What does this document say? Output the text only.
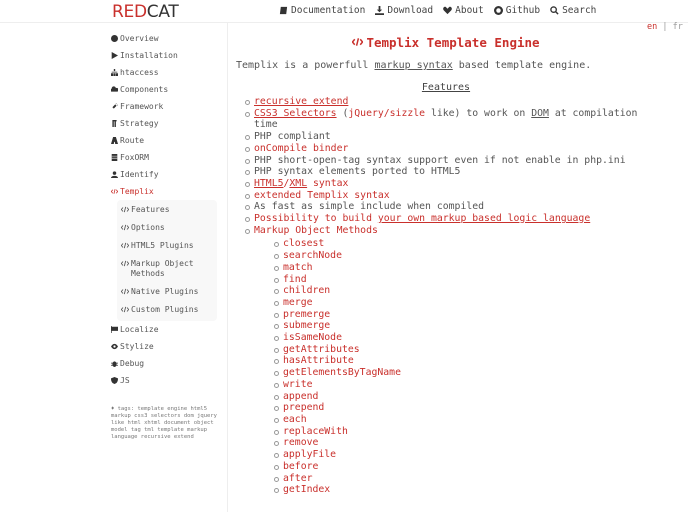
REDCAT	Documentation Download About Github Search
en | fr
Overview
Installation
htaccess
Components
Framework
Strategy
Route
FoxORM
Identify
Templix
Features
Options
HTML5 Plugins
Markup Object Methods
Native Plugins
Custom Plugins
Localize
Stylize
Debug
JS
♦ tags: template engine html5 markup css3 selectors dom jquery like html xhtml document object model tag tml template markup language recursive extend
Templix Template Engine

Templix is a powerfull markup syntax based template engine.

Features
recursive extend
CSS3 Selectors (jQuery/sizzle like) to work on DOM at compilation time
PHP compliant
onCompile binder
PHP short-open-tag syntax support even if not enable in php.ini
PHP syntax elements ported to HTML5
HTML5/XML syntax
extended Templix syntax
As fast as simple include when compiled
Possibility to build your own markup based logic language
Markup Object Methods
closest
searchNode
match
find
children
merge
premerge
submerge
isSameNode
getAttributes
hasAttribute
getElementsByTagName
write
append
prepend
each
replaceWith
remove
applyFile
before
after
getIndex
